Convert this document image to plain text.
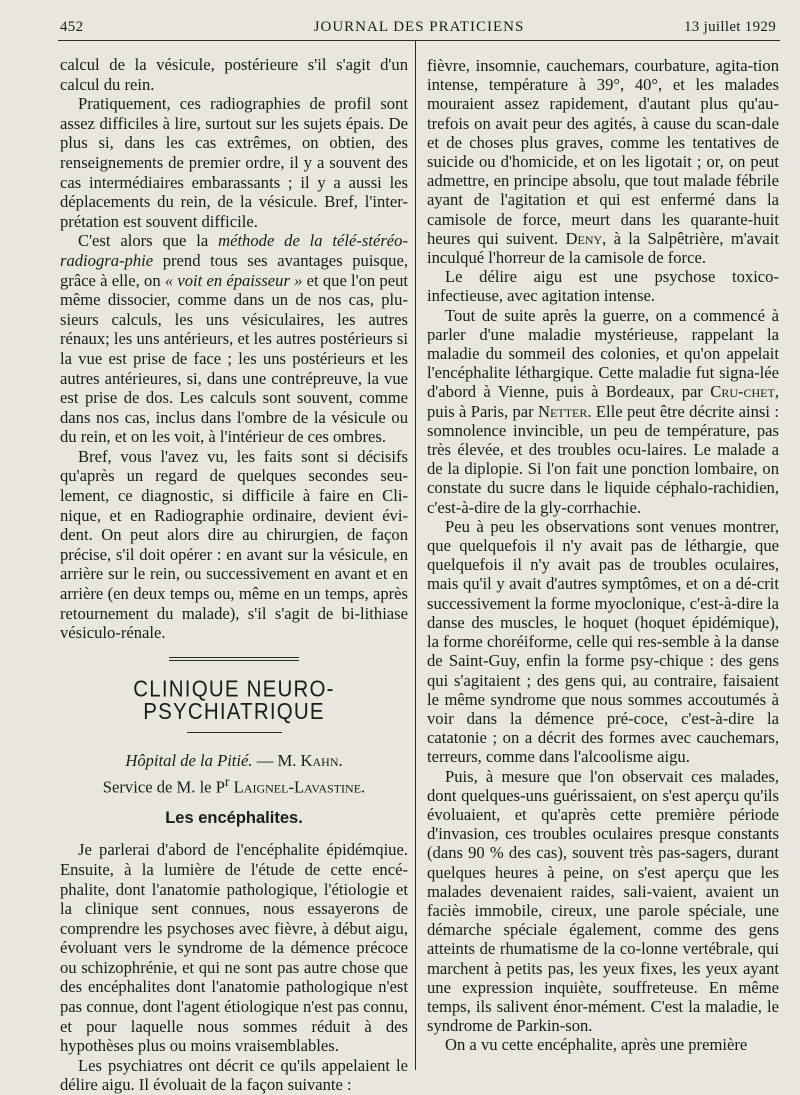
452	JOURNAL DES PRATICIENS	13 juillet 1929

calcul de la vésicule, postérieure s'il s'agit d'un calcul du rein.

Pratiquement, ces radiographies de profil sont assez difficiles à lire, surtout sur les sujets épais. De plus si, dans les cas extrêmes, on obtien, des renseignements de premier ordre, il y a souvent des cas intermédiaires embarassants ; il y a aussi les déplacements du rein, de la vésicule. Bref, l'inter-prétation est souvent difficile.

C'est alors que la méthode de la télé-stéréo-radiogra-phie prend tous ses avantages puisque, grâce à elle, on « voit en épaisseur » et que l'on peut même dissocier, comme dans un de nos cas, plu-sieurs calculs, les uns vésiculaires, les autres rénaux; les uns antérieurs, et les autres postérieurs si la vue est prise de face ; les uns postérieurs et les autres antérieures, si, dans une contrépreuve, la vue est prise de dos. Les calculs sont souvent, comme dans nos cas, inclus dans l'ombre de la vésicule ou du rein, et on les voit, à l'intérieur de ces ombres.

Bref, vous l'avez vu, les faits sont si décisifs qu'après un regard de quelques secondes seu-lement, ce diagnostic, si difficile à faire en Cli-nique, et en Radiographie ordinaire, devient évi-dent. On peut alors dire au chirurgien, de façon précise, s'il doit opérer : en avant sur la vésicule, en arrière sur le rein, ou successivement en avant et en arrière (en deux temps ou, même en un temps, après retournement du malade), s'il s'agit de bi-lithiase vésiculo-rénale.

CLINIQUE NEURO-PSYCHIATRIQUE
Hôpital de la Pitié. — M. Kahn.
Service de M. le $P^r$ Laignel-Lavastine.
Les encéphalites.

Je parlerai d'abord de l'encéphalite épidémqiue. Ensuite, à la lumière de l'étude de cette encé-phalite, dont l'anatomie pathologique, l'étiologie et la clinique sent connues, nous essayerons de comprendre les psychoses avec fièvre, à début aigu, évoluant vers le syndrome de la démence précoce ou schizophrénie, et qui ne sont pas autre chose que des encéphalites dont l'anatomie pathologique n'est pas connue, dont l'agent étiologique n'est pas connu, et pour laquelle nous sommes réduit à des hypothèses plus ou moins vraisemblables.

Les psychiatres ont décrit ce qu'ils appelaient le délire aigu. Il évoluait de la façon suivante :

fièvre, insomnie, cauchemars, courbature, agita-tion intense, température à 39°, 40°, et les malades mouraient assez rapidement, d'autant plus qu'au-trefois on avait peur des agités, à cause du scan-dale et de choses plus graves, comme les tentatives de suicide ou d'homicide, et on les ligotait ; or, on peut admettre, en principe absolu, que tout malade fébrile ayant de l'agitation et qui est enfermé dans la camisole de force, meurt dans les quarante-huit heures qui suivent. Deny, à la Salpêtrière, m'avait inculqué l'horreur de la camisole de force.

Le délire aigu est une psychose toxico-infectieuse, avec agitation intense.

Tout de suite après la guerre, on a commencé à parler d'une maladie mystérieuse, rappelant la maladie du sommeil des colonies, et qu'on appelait l'encéphalite léthargique. Cette maladie fut signa-lée d'abord à Vienne, puis à Bordeaux, par Cru-chet, puis à Paris, par Netter. Elle peut être décrite ainsi : somnolence invincible, un peu de température, pas très élevée, et des troubles ocu-laires. Le malade a de la diplopie. Si l'on fait une ponction lombaire, on constate du sucre dans le liquide céphalo-rachidien, c'est-à-dire de la gly-corrhachie.

Peu à peu les observations sont venues montrer, que quelquefois il n'y avait pas de léthargie, que quelquefois il n'y avait pas de troubles oculaires, mais qu'il y avait d'autres symptômes, et on a dé-crit successivement la forme myoclonique, c'est-à-dire la danse des muscles, le hoquet (hoquet épidémique), la forme choréiforme, celle qui res-semble à la danse de Saint-Guy, enfin la forme psy-chique : des gens qui s'agitaient ; des gens qui, au contraire, faisaient le même syndrome que nous sommes accoutumés à voir dans la démence pré-coce, c'est-à-dire la catatonie ; on a décrit des formes avec cauchemars, terreurs, comme dans l'alcoolisme aigu.

Puis, à mesure que l'on observait ces malades, dont quelques-uns guérissaient, on s'est aperçu qu'ils évoluaient, et qu'après cette première période d'invasion, ces troubles oculaires presque constants (dans 90 % des cas), souvent très pas-sagers, durant quelques heures à peine, on s'est aperçu que les malades devenaient raides, sali-vaient, avaient un faciès immobile, cireux, une parole spéciale, une démarche spéciale également, comme des gens atteints de rhumatisme de la co-lonne vertébrale, qui marchent à petits pas, les yeux fixes, les yeux ayant une expression inquiète, souffreteuse. En même temps, ils salivent énor-mément. C'est la maladie, le syndrome de Parkin-son.

On a vu cette encéphalite, après une première
